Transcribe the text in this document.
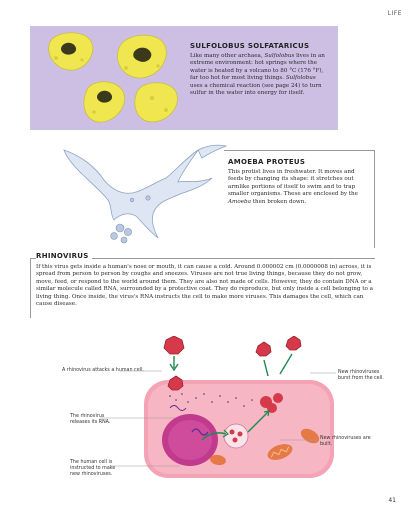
LIFE
SULFOLOBUS SOLFATARICUS
Like many other archaea, Sulfolobus lives in an extreme environment: hot springs where the water is heated by a volcano to 80 °C (176 °F), far too hot for most living things. Sulfolobus uses a chemical reaction (see page 24) to turn sulfur in the water into energy for itself.
AMOEBA PROTEUS
This protist lives in freshwater. It moves and feeds by changing its shape: it stretches out armlike portions of itself to swim and to trap smaller organisms. These are enclosed by the Amoeba then broken down.
RHINOVIRUS
If this virus gets inside a human's nose or mouth, it can cause a cold. Around 0.000002 cm (0.0000008 in) across, it is spread from person to person by coughs and sneezes. Viruses are not true living things, because they do not grow, move, feed, or respond to the world around them. They are also not made of cells. However, they do contain DNA or a similar molecule called RNA, surrounded by a protective coat. They do reproduce, but only inside a cell belonging to a living thing. Once inside, the virus's RNA instructs the cell to make more viruses. This damages the cell, which can cause disease.
A rhinovirus attacks a human cell.
The rhinovirus releases its RNA.
The human cell is instructed to make new rhinoviruses.
New rhinoviruses burst from the cell.
New rhinoviruses are built.
41
